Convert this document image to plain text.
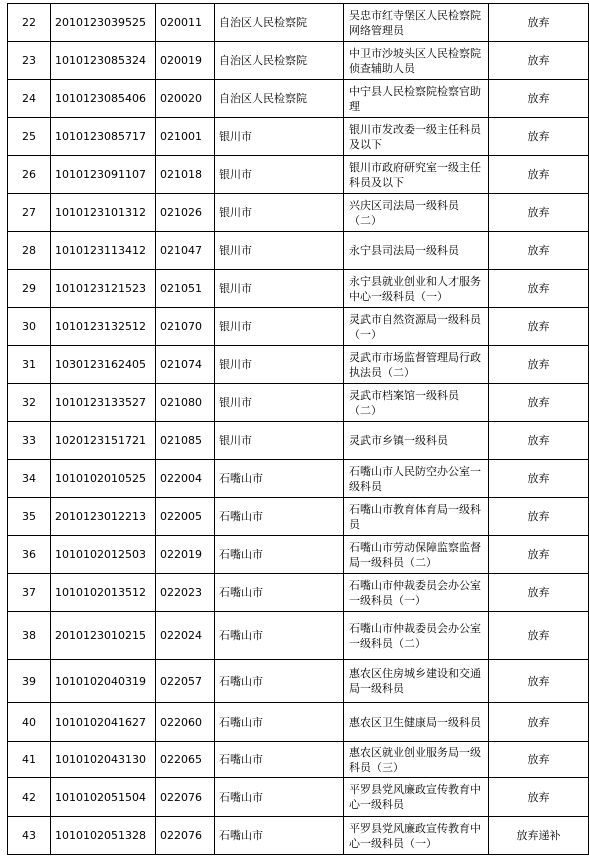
22	2010123039525	020011	自治区人民检察院	吴忠市红寺堡区人民检察院网络管理员	放弃
23	1010123085324	020019	自治区人民检察院	中卫市沙坡头区人民检察院侦查辅助人员	放弃
24	1010123085406	020020	自治区人民检察院	中宁县人民检察院检察官助理	放弃
25	1010123085717	021001	银川市	银川市发改委一级主任科员及以下	放弃
26	1010123091107	021018	银川市	银川市政府研究室一级主任科员及以下	放弃
27	1010123101312	021026	银川市	兴庆区司法局一级科员（二）	放弃
28	1010123113412	021047	银川市	永宁县司法局一级科员	放弃
29	1010123121523	021051	银川市	永宁县就业创业和人才服务中心一级科员（一）	放弃
30	1010123132512	021070	银川市	灵武市自然资源局一级科员（一）	放弃
31	1030123162405	021074	银川市	灵武市市场监督管理局行政执法员（二）	放弃
32	1010123133527	021080	银川市	灵武市档案馆一级科员（二）	放弃
33	1020123151721	021085	银川市	灵武市乡镇一级科员	放弃
34	1010102010525	022004	石嘴山市	石嘴山市人民防空办公室一级科员	放弃
35	2010123012213	022005	石嘴山市	石嘴山市教育体育局一级科员	放弃
36	1010102012503	022019	石嘴山市	石嘴山市劳动保障监察监督局一级科员（二）	放弃
37	1010102013512	022023	石嘴山市	石嘴山市仲裁委员会办公室一级科员（一）	放弃
38	2010123010215	022024	石嘴山市	石嘴山市仲裁委员会办公室一级科员（二）	放弃
39	1010102040319	022057	石嘴山市	惠农区住房城乡建设和交通局一级科员	放弃
40	1010102041627	022060	石嘴山市	惠农区卫生健康局一级科员	放弃
41	1010102043130	022065	石嘴山市	惠农区就业创业服务局一级科员（三）	放弃
42	1010102051504	022076	石嘴山市	平罗县党风廉政宣传教育中心一级科员	放弃
43	1010102051328	022076	石嘴山市	平罗县党风廉政宣传教育中心一级科员（一）	放弃递补
